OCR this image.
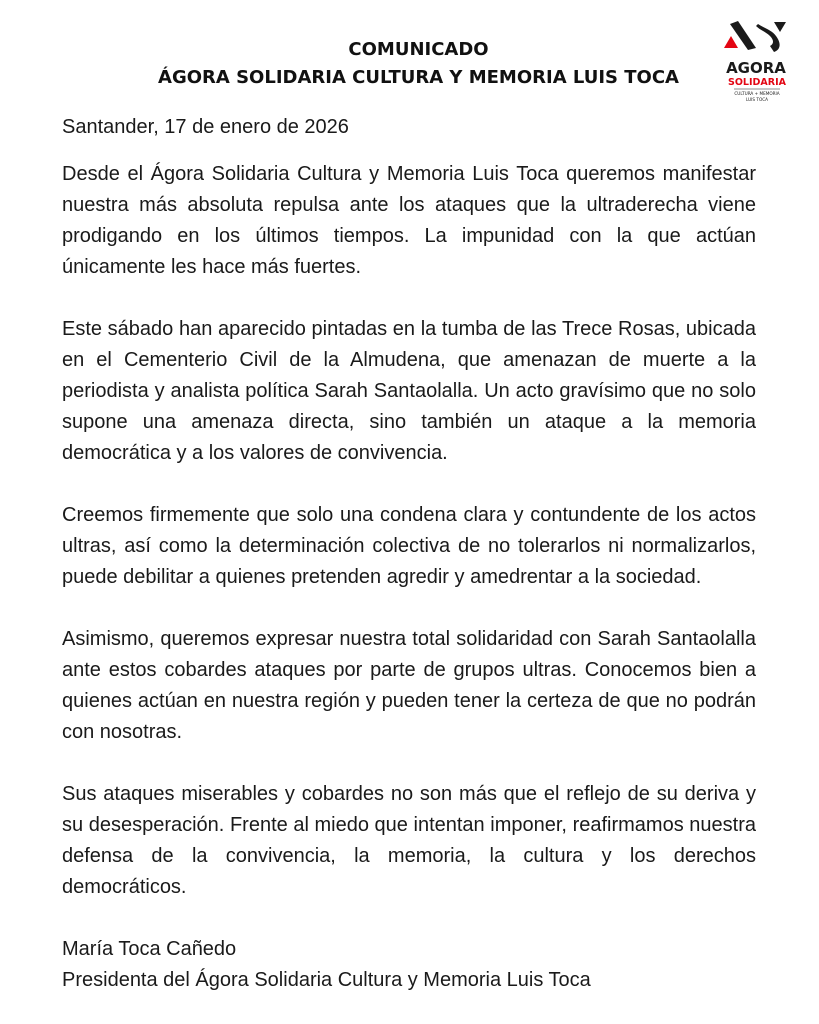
COMUNICADO
ÁGORA SOLIDARIA CULTURA Y MEMORIA LUIS TOCA	AGORA
SOLIDARIA
CULTURA + MEMORIA
LUIS TOCA

Santander, 17 de enero de 2026

Desde el Ágora Solidaria Cultura y Memoria Luis Toca queremos manifestar nuestra más absoluta repulsa ante los ataques que la ultraderecha viene prodigando en los últimos tiempos. La impunidad con la que actúan únicamente les hace más fuertes.

Este sábado han aparecido pintadas en la tumba de las Trece Rosas, ubicada en el Cementerio Civil de la Almudena, que amenazan de muerte a la periodista y analista política Sarah Santaolalla. Un acto gravísimo que no solo supone una amenaza directa, sino también un ataque a la memoria democrática y a los valores de convivencia.

Creemos firmemente que solo una condena clara y contundente de los actos ultras, así como la determinación colectiva de no tolerarlos ni normalizarlos, puede debilitar a quienes pretenden agredir y amedrentar a la sociedad.

Asimismo, queremos expresar nuestra total solidaridad con Sarah Santaolalla ante estos cobardes ataques por parte de grupos ultras. Conocemos bien a quienes actúan en nuestra región y pueden tener la certeza de que no podrán con nosotras.

Sus ataques miserables y cobardes no son más que el reflejo de su deriva y su desesperación. Frente al miedo que intentan imponer, reafirmamos nuestra defensa de la convivencia, la memoria, la cultura y los derechos democráticos.

María Toca Cañedo
Presidenta del Ágora Solidaria Cultura y Memoria Luis Toca
